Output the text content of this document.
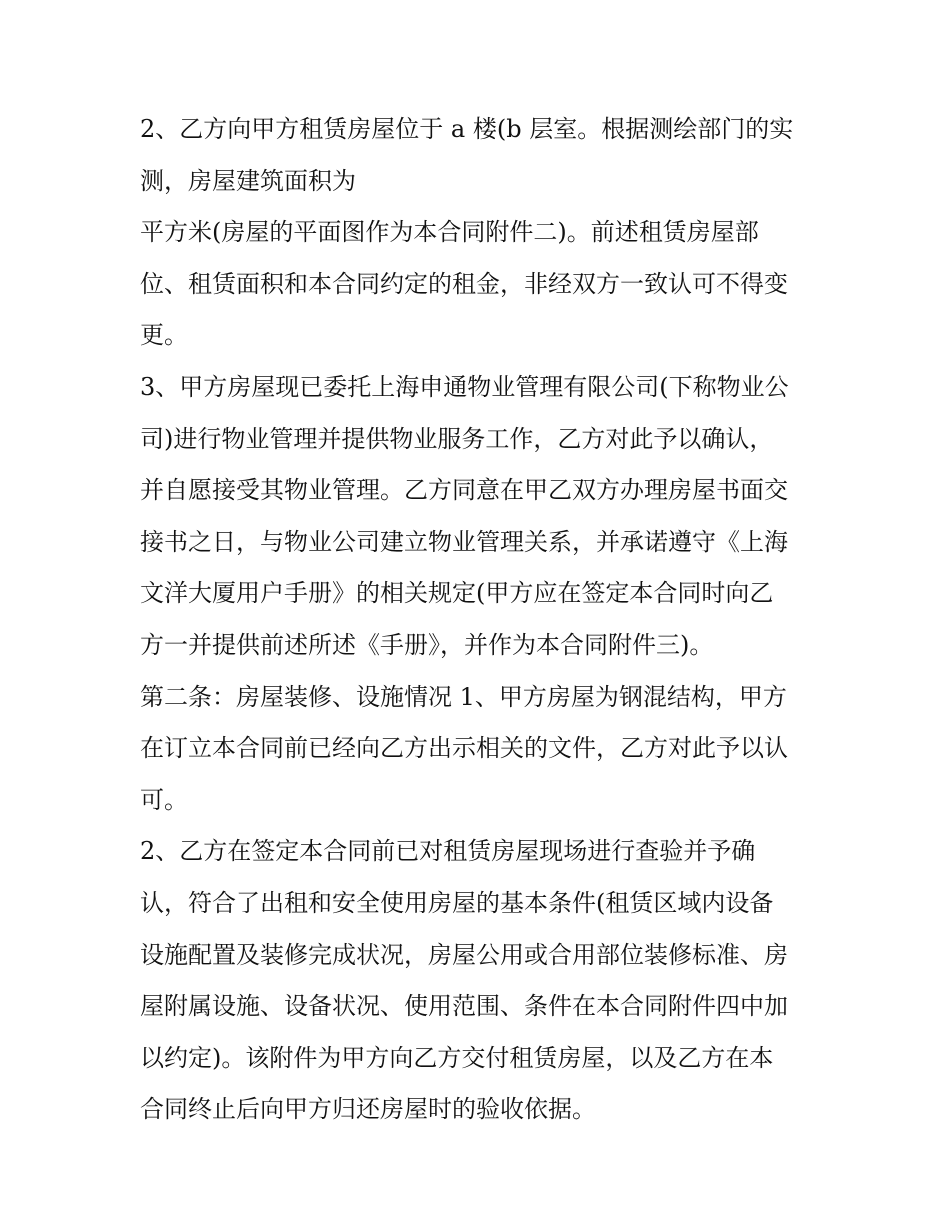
2、乙方向甲方租赁房屋位于 a 楼(b 层室。根据测绘部门的实
测，房屋建筑面积为
平方米(房屋的平面图作为本合同附件二)。前述租赁房屋部
位、租赁面积和本合同约定的租金，非经双方一致认可不得变
更。
3、甲方房屋现已委托上海申通物业管理有限公司(下称物业公
司)进行物业管理并提供物业服务工作，乙方对此予以确认，
并自愿接受其物业管理。乙方同意在甲乙双方办理房屋书面交
接书之日，与物业公司建立物业管理关系，并承诺遵守《上海
文洋大厦用户手册》的相关规定(甲方应在签定本合同时向乙
方一并提供前述所述《手册》，并作为本合同附件三)。
第二条：房屋装修、设施情况 1、甲方房屋为钢混结构，甲方
在订立本合同前已经向乙方出示相关的文件，乙方对此予以认
可。
2、乙方在签定本合同前已对租赁房屋现场进行查验并予确
认，符合了出租和安全使用房屋的基本条件(租赁区域内设备
设施配置及装修完成状况，房屋公用或合用部位装修标准、房
屋附属设施、设备状况、使用范围、条件在本合同附件四中加
以约定)。该附件为甲方向乙方交付租赁房屋，以及乙方在本
合同终止后向甲方归还房屋时的验收依据。
